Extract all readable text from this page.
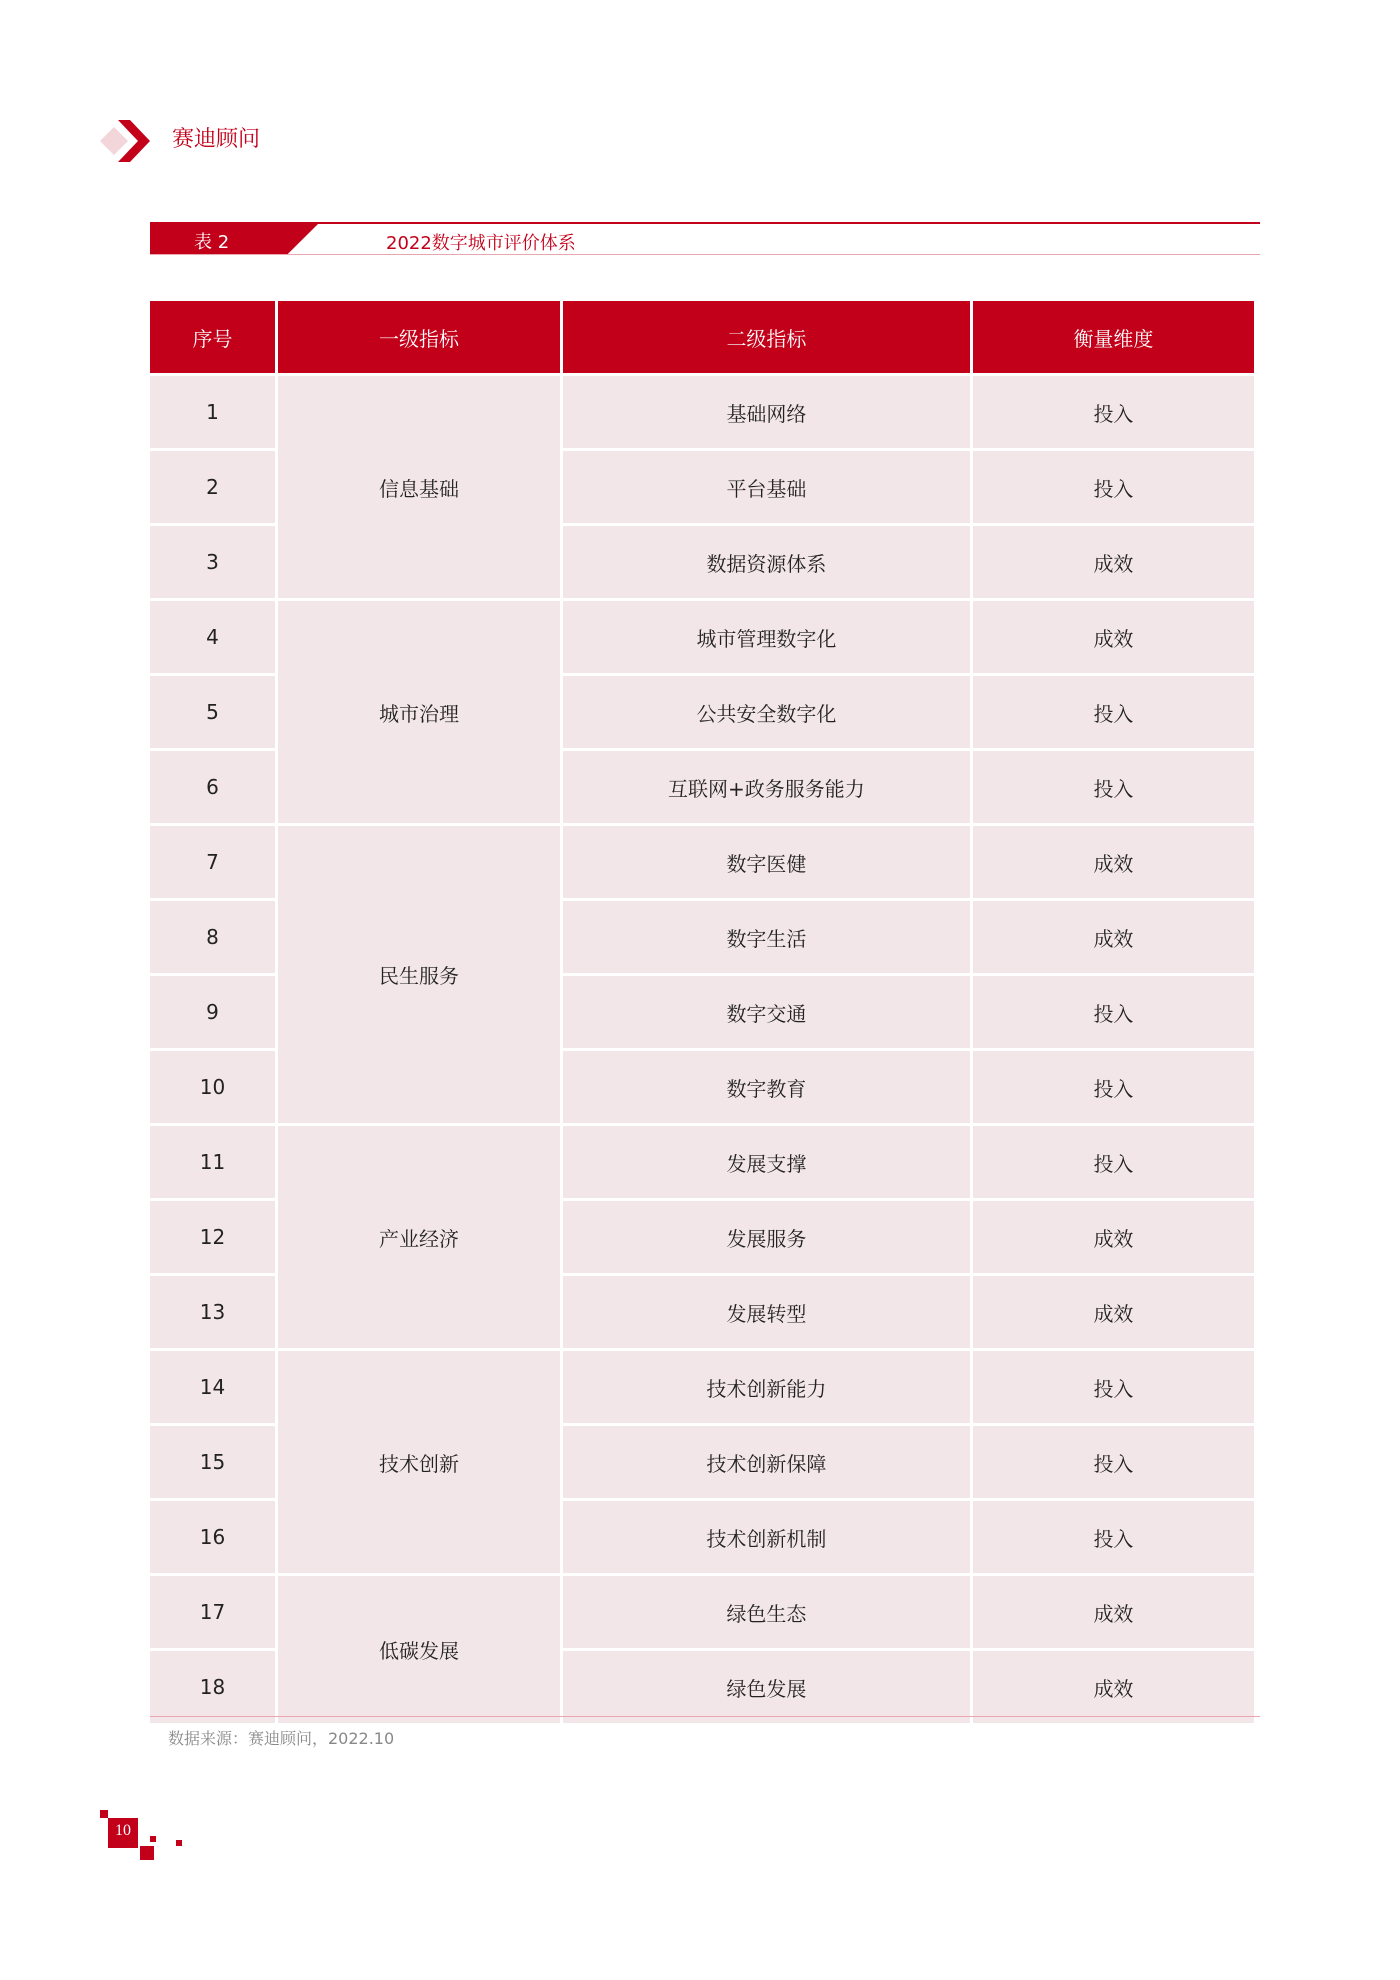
赛迪顾问
表 2	2022数字城市评价体系
序号	一级指标	二级指标	衡量维度
1	信息基础	基础网络	投入
2		平台基础	投入
3		数据资源体系	成效
4	城市治理	城市管理数字化	成效
5		公共安全数字化	投入
6		互联网+政务服务能力	投入
7	民生服务	数字医健	成效
8		数字生活	成效
9		数字交通	投入
10		数字教育	投入
11	产业经济	发展支撑	投入
12		发展服务	成效
13		发展转型	成效
14	技术创新	技术创新能力	投入
15		技术创新保障	投入
16		技术创新机制	投入
17	低碳发展	绿色生态	成效
18		绿色发展	成效
数据来源：赛迪顾问，2022.10
10
